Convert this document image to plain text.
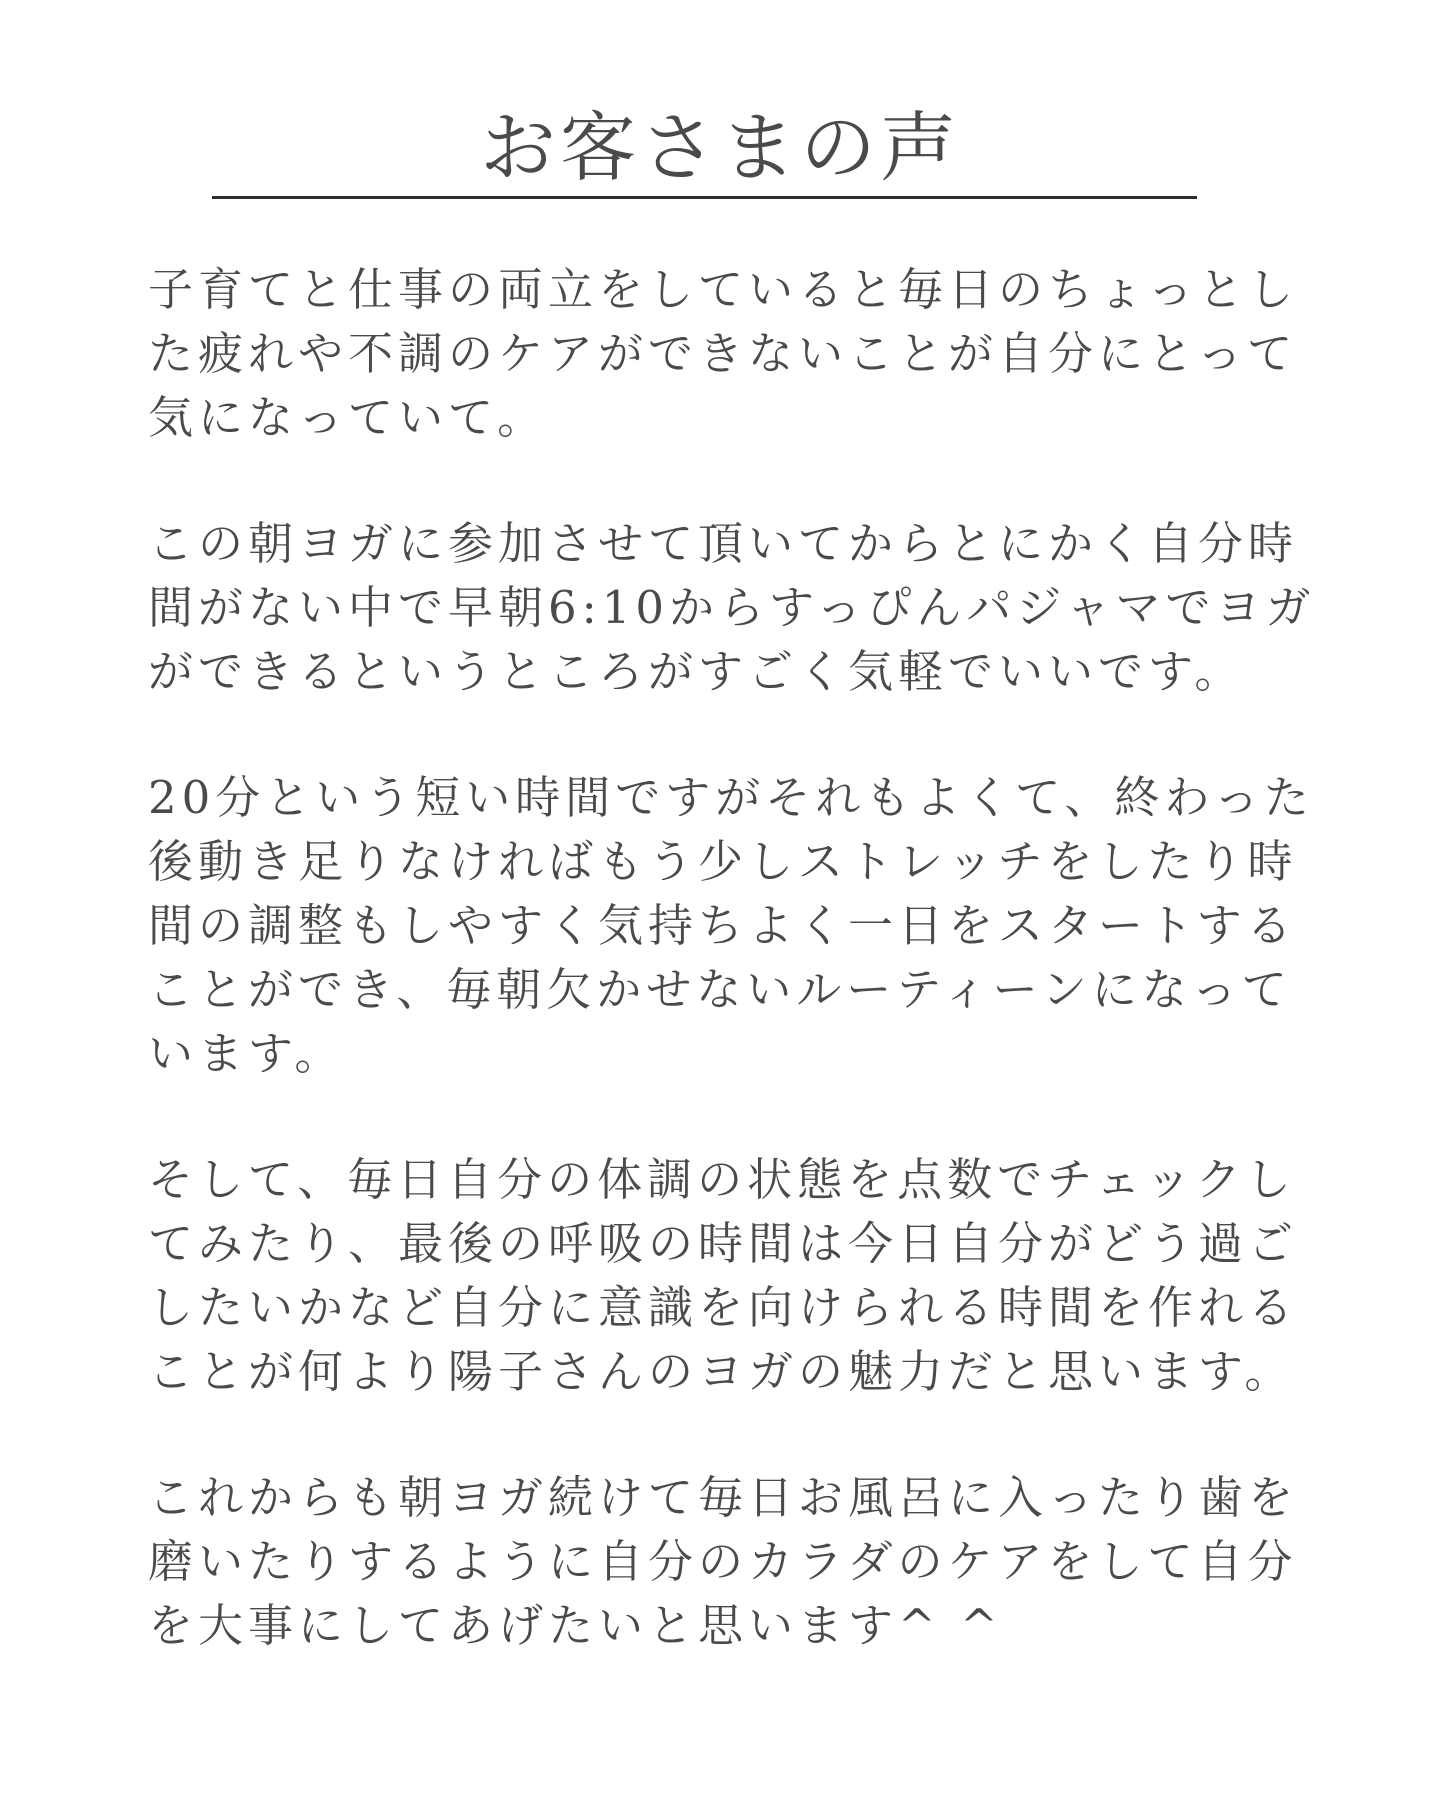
お客さまの声

子育てと仕事の両立をしていると毎日のちょっとし
た疲れや不調のケアができないことが自分にとって
気になっていて。

この朝ヨガに参加させて頂いてからとにかく自分時
間がない中で早朝6:10からすっぴんパジャマでヨガ
ができるというところがすごく気軽でいいです。

20分という短い時間ですがそれもよくて、終わった
後動き足りなければもう少しストレッチをしたり時
間の調整もしやすく気持ちよく一日をスタートする
ことができ、毎朝欠かせないルーティーンになって
います。

そして、毎日自分の体調の状態を点数でチェックし
てみたり、最後の呼吸の時間は今日自分がどう過ご
したいかなど自分に意識を向けられる時間を作れる
ことが何より陽子さんのヨガの魅力だと思います。

これからも朝ヨガ続けて毎日お風呂に入ったり歯を
磨いたりするように自分のカラダのケアをして自分
を大事にしてあげたいと思います^ ^
